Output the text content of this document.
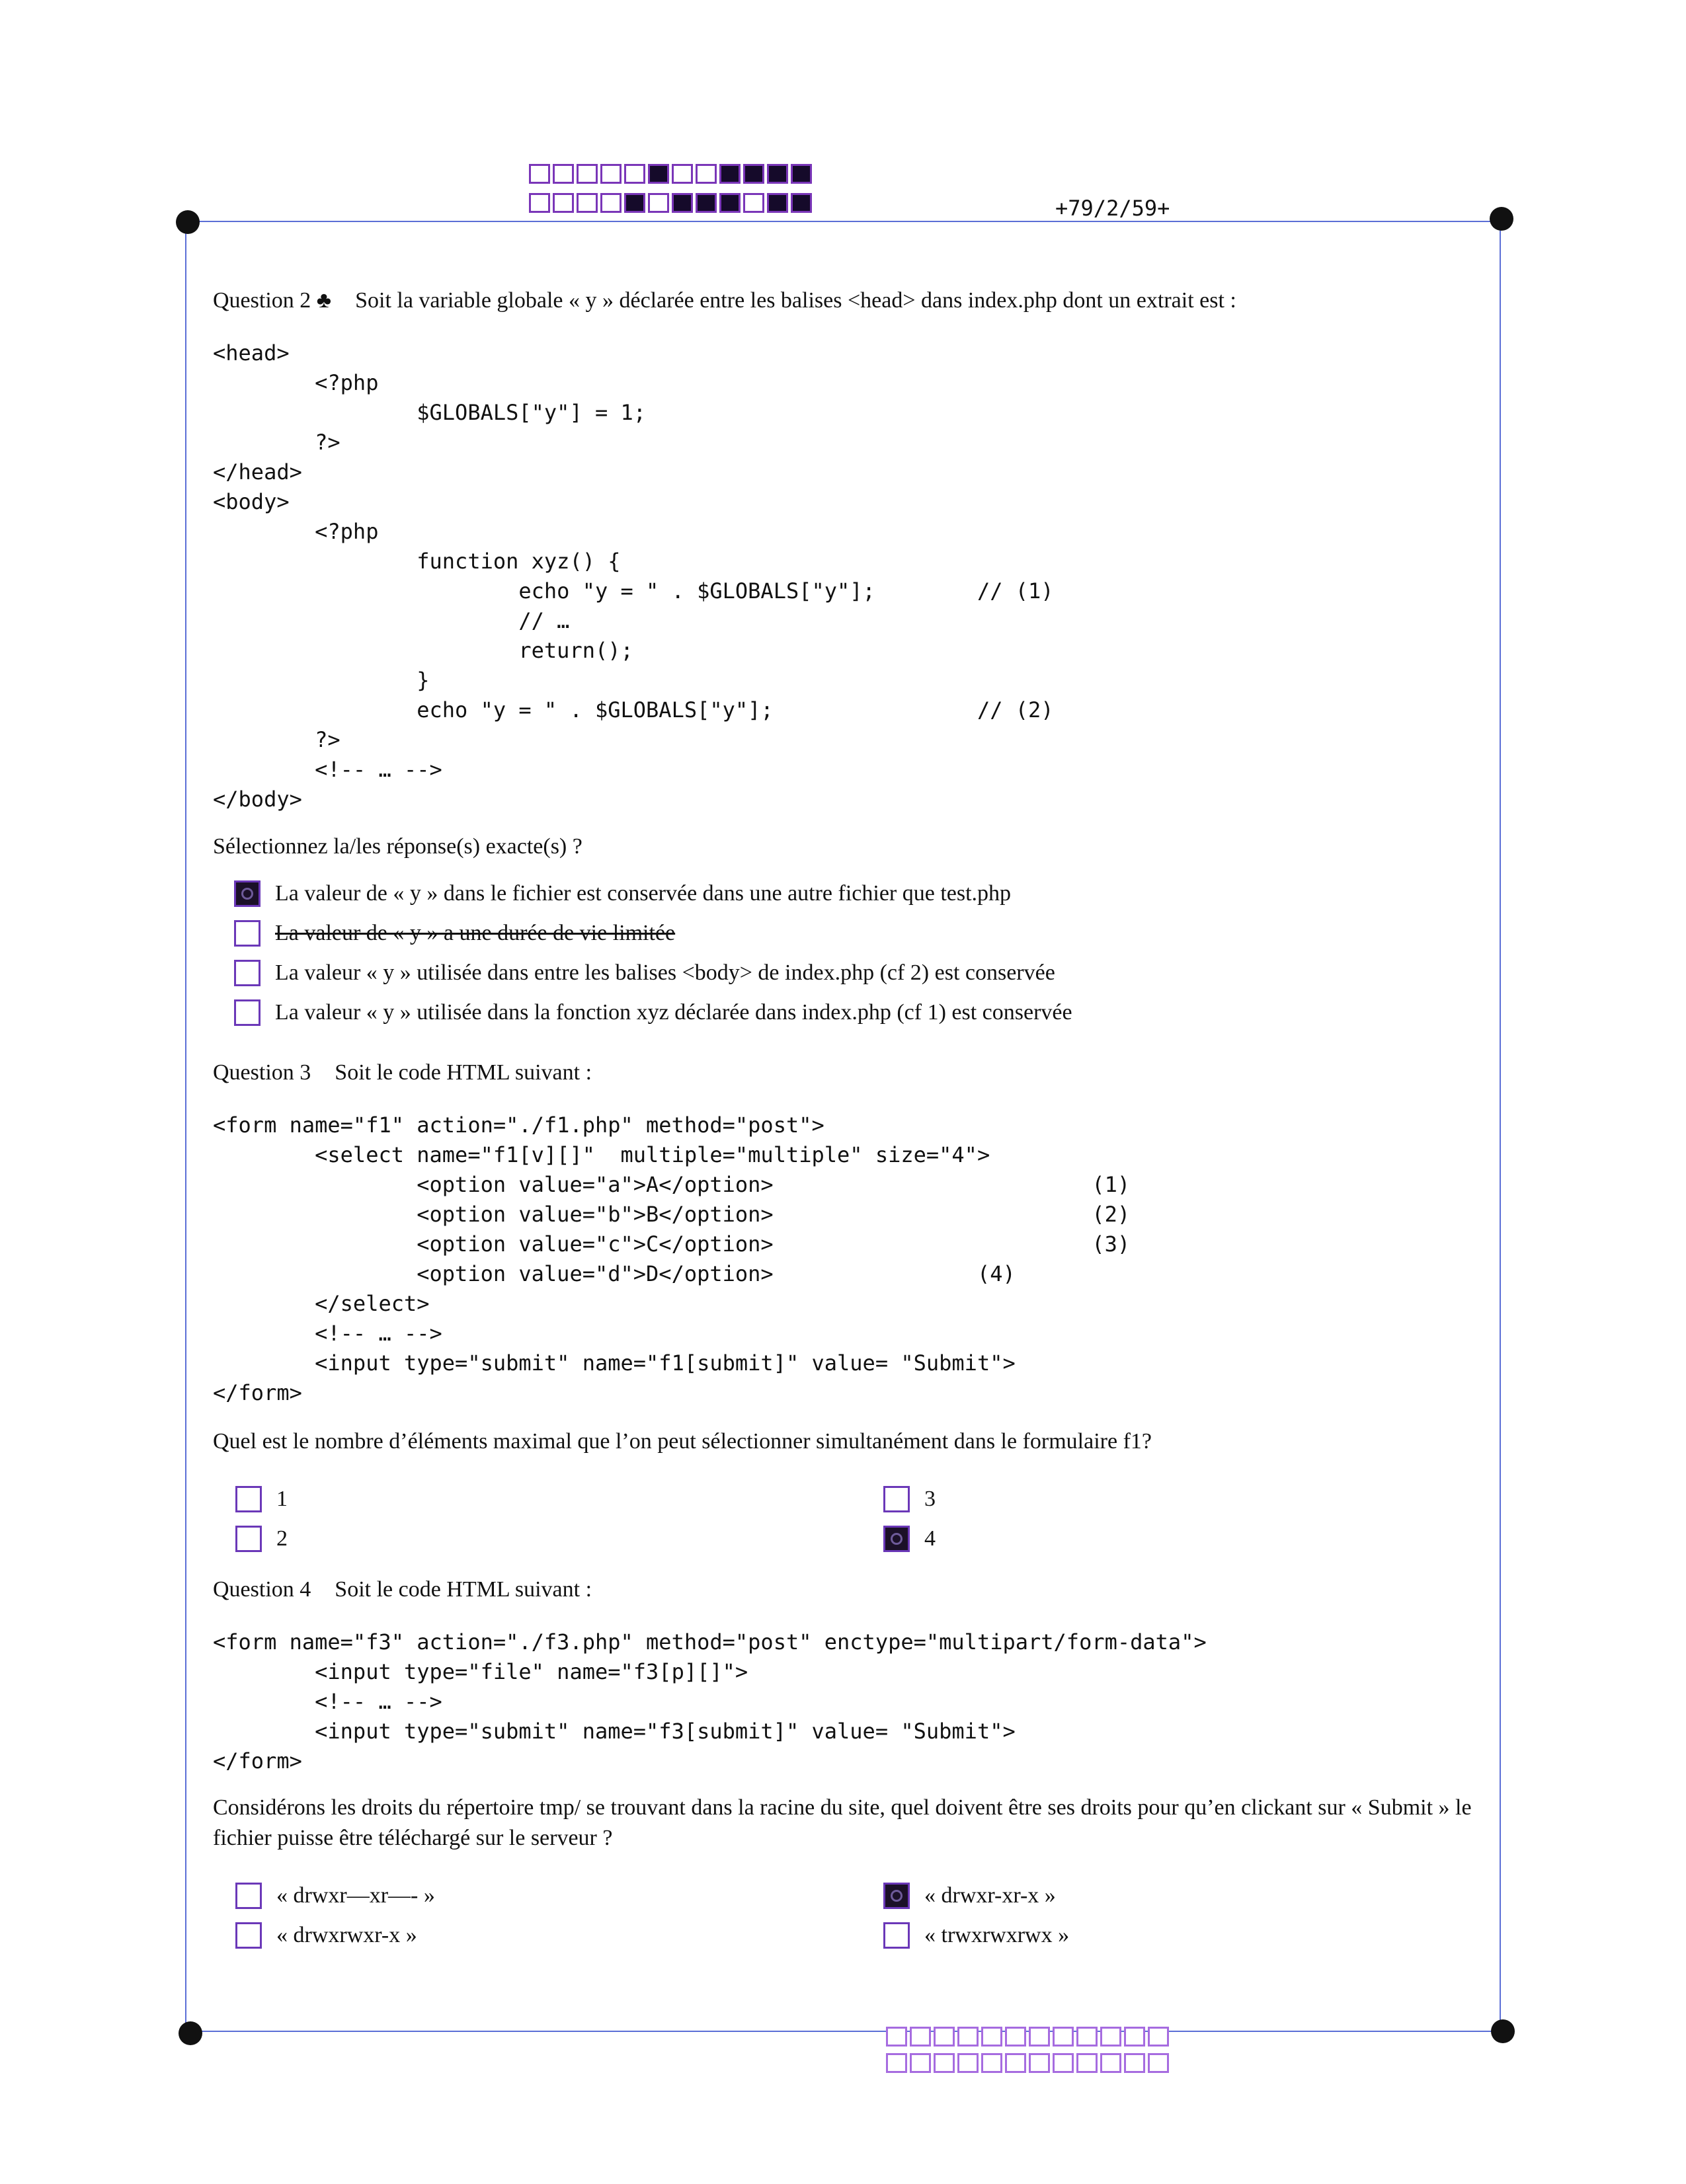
+79/2/59+
Question 2 ♣ Soit la variable globale « y » déclarée entre les balises <head> dans index.php dont un extrait est :
<head>
<?php
$GLOBALS["y"] = 1;
?>
</head>
<body>
<?php
function xyz() {
echo "y = " . $GLOBALS["y"];        // (1)
// …
return();
}
echo "y = " . $GLOBALS["y"];                // (2)
?>
<!-- … -->
</body>
Sélectionnez la/les réponse(s) exacte(s) ?
La valeur de « y » dans le fichier est conservée dans une autre fichier que test.php
La valeur de « y » a une durée de vie limitée
La valeur « y » utilisée dans entre les balises <body> de index.php (cf 2) est conservée
La valeur « y » utilisée dans la fonction xyz déclarée dans index.php (cf 1) est conservée
Question 3 Soit le code HTML suivant :
<form name="f1" action="./f1.php" method="post">
<select name="f1[v][]"  multiple="multiple" size="4">
<option value="a">A</option>                         (1)
<option value="b">B</option>                         (2)
<option value="c">C</option>                         (3)
<option value="d">D</option>                (4)
</select>
<!-- … -->
<input type="submit" name="f1[submit]" value= "Submit">
</form>
Quel est le nombre d’éléments maximal que l’on peut sélectionner simultanément dans le formulaire f1?
1
2
3
4
Question 4 Soit le code HTML suivant :
<form name="f3" action="./f3.php" method="post" enctype="multipart/form-data">
<input type="file" name="f3[p][]">
<!-- … -->
<input type="submit" name="f3[submit]" value= "Submit">
</form>
Considérons les droits du répertoire tmp/ se trouvant dans la racine du site, quel doivent être ses droits pour qu’en clickant sur « Submit » le fichier puisse être téléchargé sur le serveur ?
« drwxr—xr—- »
« drwxrwxr-x »
« drwxr-xr-x »
« trwxrwxrwx »
